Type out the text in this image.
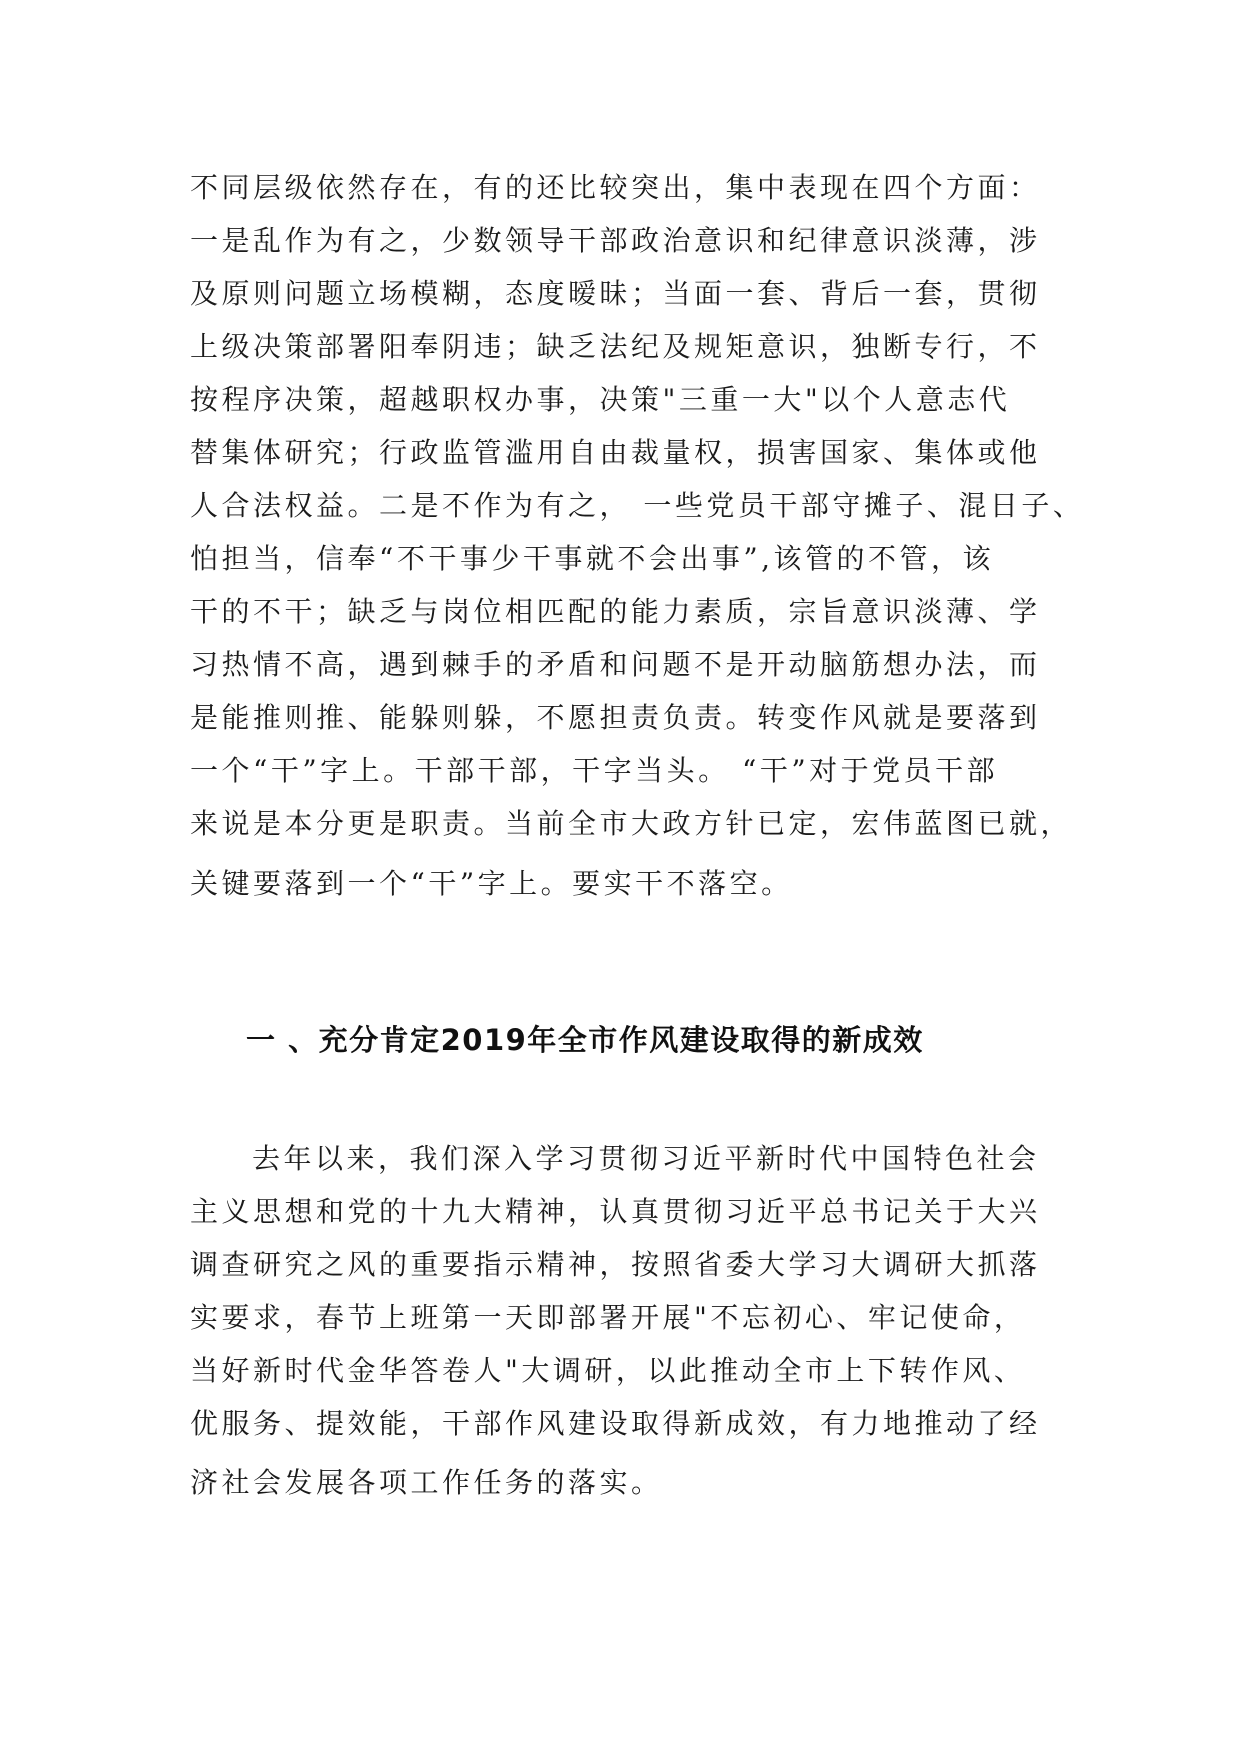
不同层级依然存在，有的还比较突出，集中表现在四个方面：
一是乱作为有之，少数领导干部政治意识和纪律意识淡薄，涉
及原则问题立场模糊，态度暧昧；当面一套、背后一套，贯彻
上级决策部署阳奉阴违；缺乏法纪及规矩意识，独断专行，不
按程序决策，超越职权办事，决策"三重一大"以个人意志代
替集体研究；行政监管滥用自由裁量权，损害国家、集体或他
人合法权益。二是不作为有之， 一些党员干部守摊子、混日子、
怕担当，信奉“不干事少干事就不会出事”,该管的不管，该
干的不干；缺乏与岗位相匹配的能力素质，宗旨意识淡薄、学
习热情不高，遇到棘手的矛盾和问题不是开动脑筋想办法，而
是能推则推、能躲则躲，不愿担责负责。转变作风就是要落到
一个“干”字上。干部干部，干字当头。 “干”对于党员干部
来说是本分更是职责。当前全市大政方针已定，宏伟蓝图已就，
关键要落到一个“干”字上。要实干不落空。
一 、充分肯定2019年全市作风建设取得的新成效
去年以来，我们深入学习贯彻习近平新时代中国特色社会
主义思想和党的十九大精神，认真贯彻习近平总书记关于大兴
调查研究之风的重要指示精神，按照省委大学习大调研大抓落
实要求，春节上班第一天即部署开展"不忘初心、牢记使命，
当好新时代金华答卷人"大调研，以此推动全市上下转作风、
优服务、提效能，干部作风建设取得新成效，有力地推动了经
济社会发展各项工作任务的落实。
